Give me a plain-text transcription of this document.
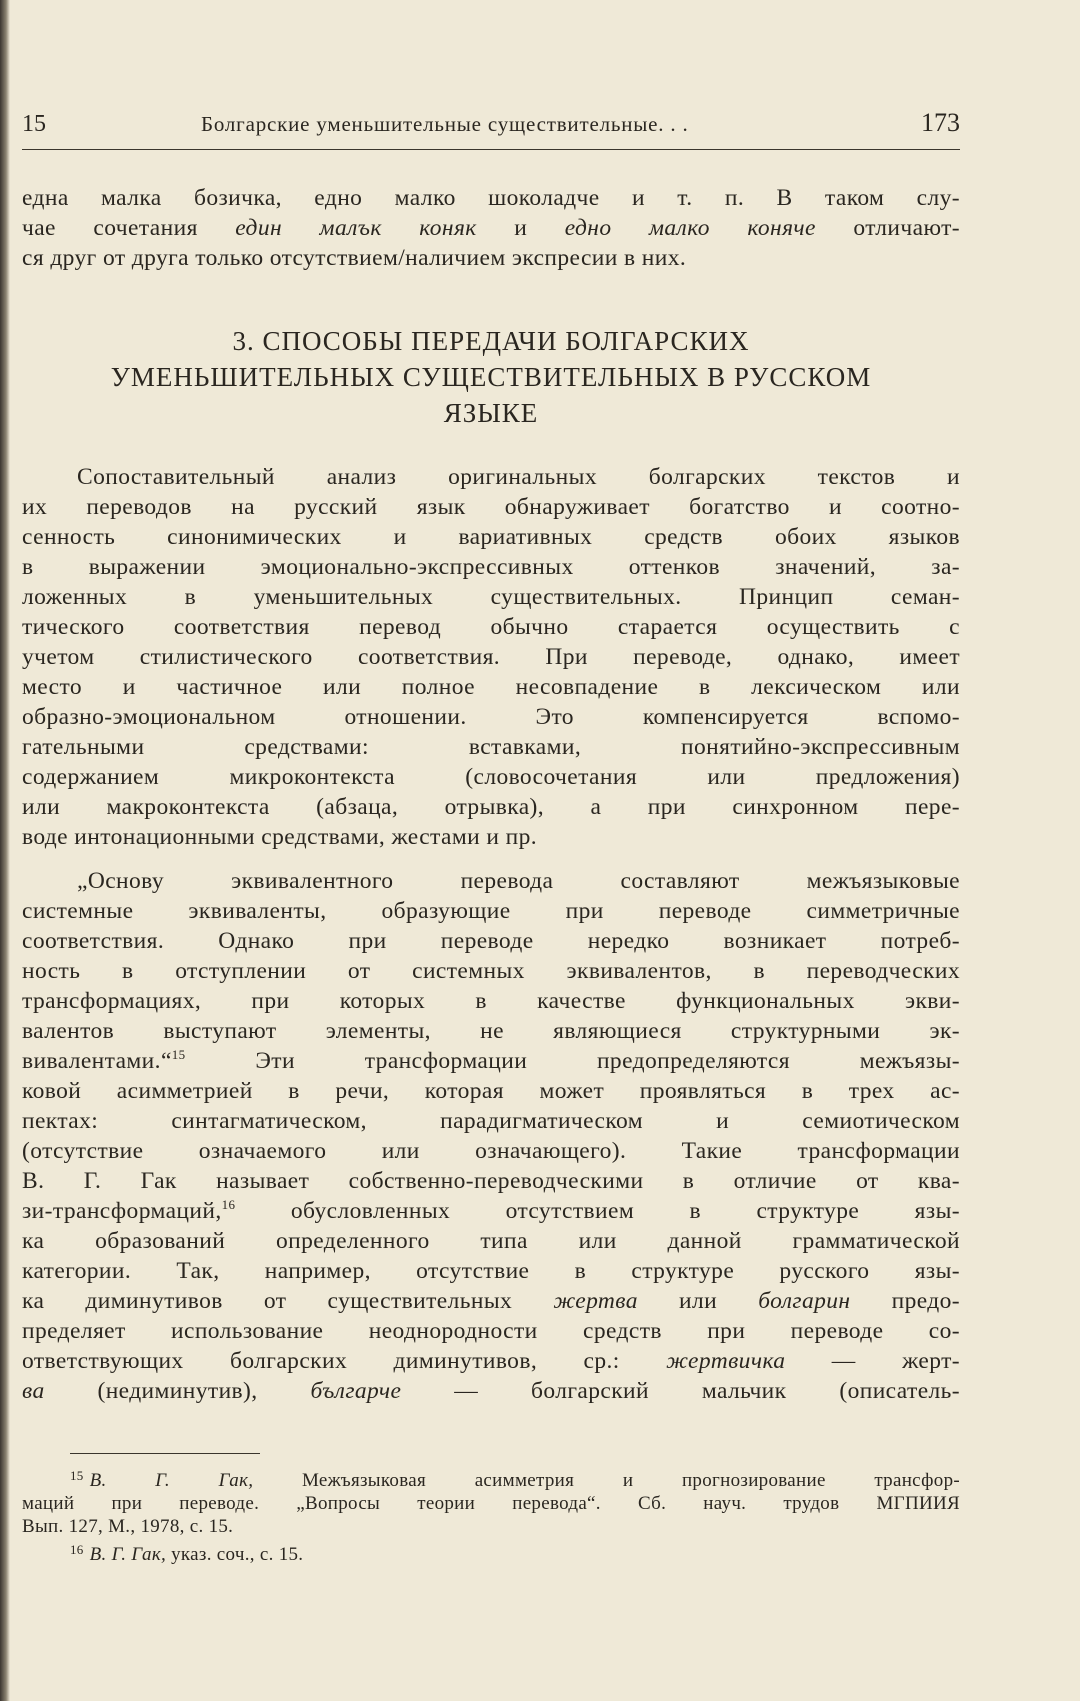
15	Болгарские уменьшительные существительные. . .	173
една малка бозичка, едно малко шоколадче и т. п. В таком слу-
чае сочетания един малък коняк и едно малко коняче отличают-
ся друг от друга только отсутствием/наличием экспресии в них.
3. СПОСОБЫ ПЕРЕДАЧИ БОЛГАРСКИХ
УМЕНЬШИТЕЛЬНЫХ СУЩЕСТВИТЕЛЬНЫХ В РУССКОМ
ЯЗЫКЕ
Сопоставительный анализ оригинальных болгарских текстов и
их переводов на русский язык обнаруживает богатство и соотно-
сенность синонимических и вариативных средств обоих языков
в выражении эмоционально-экспрессивных оттенков значений, за-
ложенных в уменьшительных существительных. Принцип семан-
тического соответствия перевод обычно старается осуществить с
учетом стилистического соответствия. При переводе, однако, имеет
место и частичное или полное несовпадение в лексическом или
образно-эмоциональном отношении. Это компенсируется вспомо-
гательными средствами: вставками, понятийно-экспрессивным
содержанием микроконтекста (словосочетания или предложения)
или макроконтекста (абзаца, отрывка), а при синхронном пере-
воде интонационными средствами, жестами и пр.
„Основу эквивалентного перевода составляют межъязыковые
системные эквиваленты, образующие при переводе симметричные
соответствия. Однако при переводе нередко возникает потреб-
ность в отступлении от системных эквивалентов, в переводческих
трансформациях, при которых в качестве функциональных экви-
валентов выступают элементы, не являющиеся структурными эк-
вивалентами.“$^{15}$ Эти трансформации предопределяются межъязы-
ковой асимметрией в речи, которая может проявляться в трех ас-
пектах: синтагматическом, парадигматическом и семиотическом
(отсутствие означаемого или означающего). Такие трансформации
В. Г. Гак называет собственно-переводческими в отличие от ква-
зи-трансформаций,$^{16}$ обусловленных отсутствием в структуре язы-
ка образований определенного типа или данной грамматической
категории. Так, например, отсутствие в структуре русского язы-
ка диминутивов от существительных жертва или болгарин предо-
пределяет использование неоднородности средств при переводе со-
ответствующих болгарских диминутивов, ср.: жертвичка — жерт-
ва (недиминутив), българче — болгарский мальчик (описатель-
$^{15}$ В. Г. Гак, Межъязыковая асимметрия и прогнозирование трансфор-
маций при переводе. „Вопросы теории перевода“. Сб. науч. трудов МГПИИЯ
Вып. 127, М., 1978, с. 15.
$^{16}$ В. Г. Гак, указ. соч., с. 15.
